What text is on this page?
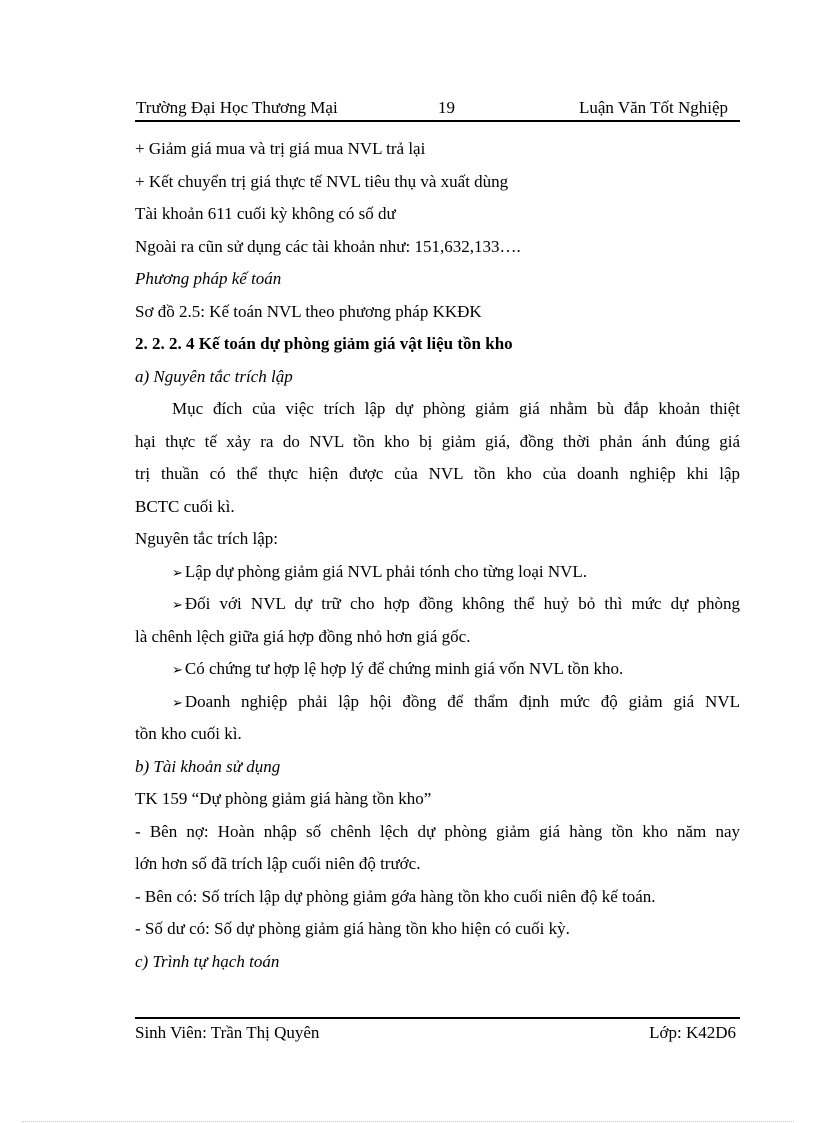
Trường Đại Học Thương Mại	19	Luận Văn Tốt Nghiệp
+ Giảm giá mua và trị giá mua NVL trả lại
+ Kết chuyển trị giá thực tế NVL tiêu thụ và xuất dùng
Tài khoản 611 cuối kỳ không có số dư
Ngoài ra cũn sử dụng các tài khoản như: 151,632,133….
Phương pháp kế toán
Sơ đồ 2.5: Kế toán NVL theo phương pháp KKĐK
2. 2. 2. 4 Kế toán dự phòng giảm giá vật liệu tồn kho
a) Nguyên tắc trích lập
Mục đích của việc trích lập dự phòng giảm giá nhằm bù đắp khoản thiệt
hại thực tế xảy ra do NVL tồn kho bị giảm giá, đồng thời phản ánh đúng giá
trị thuần có thể thực hiện được của NVL tồn kho của doanh nghiệp khi lập
BCTC cuối kì.
Nguyên tắc trích lập:
➢ Lập dự phòng giảm giá NVL phải tónh cho từng loại NVL.
➢ Đối với NVL dự trữ cho hợp đồng không thể huỷ bỏ thì mức dự phòng
là chênh lệch giữa giá hợp đồng nhỏ hơn giá gốc.
➢ Có chứng tư hợp lệ hợp lý để chứng minh giá vốn NVL tồn kho.
➢ Doanh nghiệp phải lập hội đồng để thẩm định mức độ giảm giá NVL
tồn kho cuối kì.
b) Tài khoản sử dụng
TK 159 “Dự phòng giảm giá hàng tồn kho”
- Bên nợ: Hoàn nhập số chênh lệch dự phòng giảm giá hàng tồn kho năm nay
lớn hơn số đã trích lập cuối niên độ trước.
- Bên có: Số trích lập dự phòng giảm gớa hàng tồn kho cuối niên độ kế toán.
- Số dư có: Số dự phòng giảm giá hàng tồn kho hiện có cuối kỳ.
c) Trình tự hạch toán
Sinh Viên: Trần Thị Quyên	Lớp: K42D6
